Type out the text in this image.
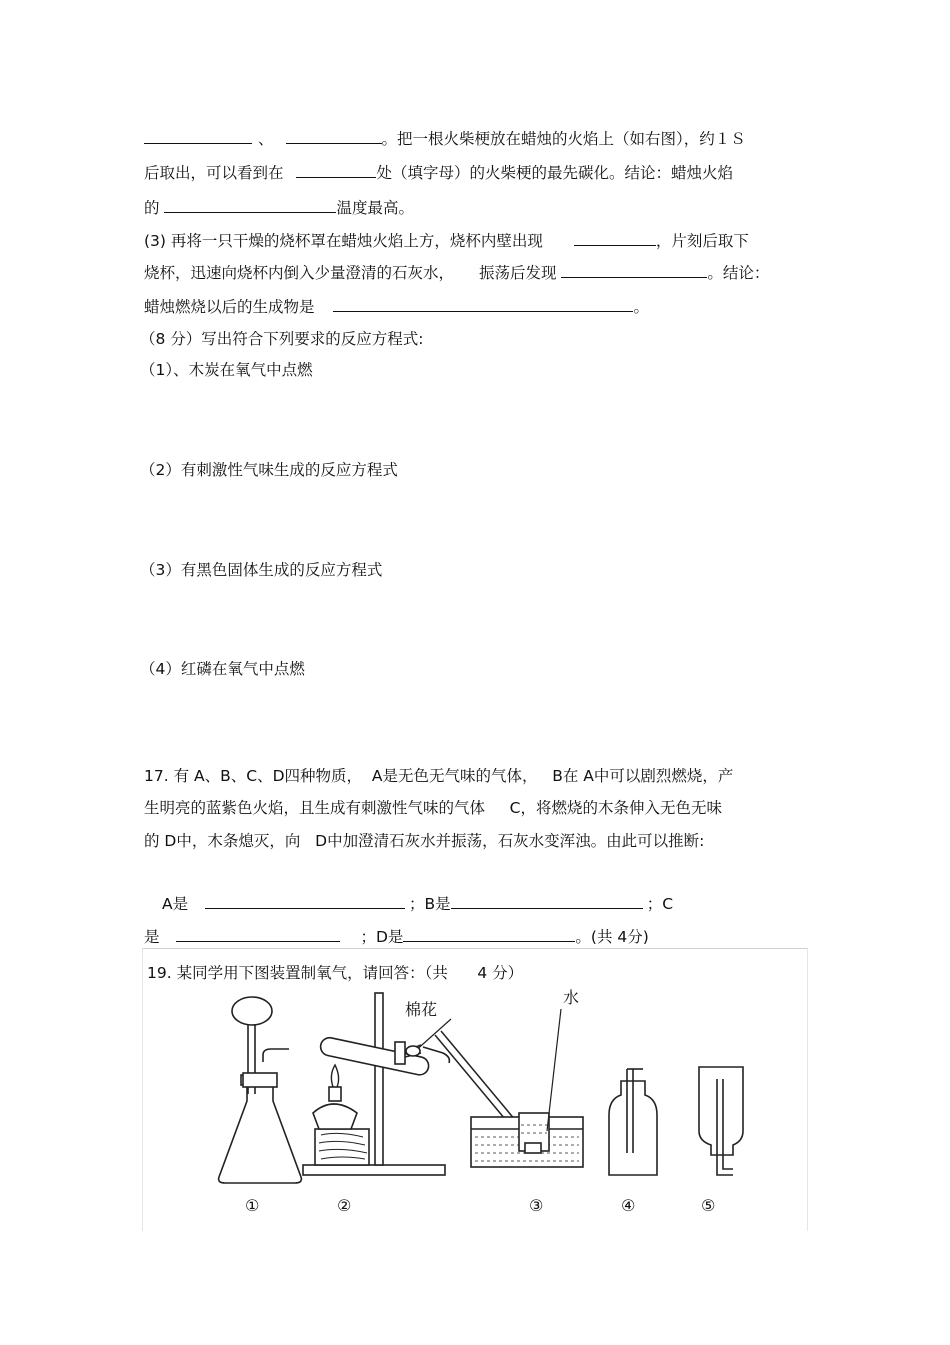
、	。把一根火柴梗放在蜡烛的火焰上（如右图），约１Ｓ
后取出，可以看到在	处（填字母）的火柴梗的最先碳化。结论：蜡烛火焰
的	温度最高。
(3) 再将一只干燥的烧杯罩在蜡烛火焰上方，烧杯内壁出现	，片刻后取下
烧杯，迅速向烧杯内倒入少量澄清的石灰水， 振荡后发现	。结论：
蜡烛燃烧以后的生成物是	。
（8 分）写出符合下列要求的反应方程式:
（1）、木炭在氧气中点燃
（2）有刺激性气味生成的反应方程式
（3）有黑色固体生成的反应方程式
（4）红磷在氧气中点燃
17. 有 A、B、C、D四种物质，  A是无色无气味的气体，   B在 A中可以剧烈燃烧，产
生明亮的蓝紫色火焰，且生成有刺激性气味的气体     C，将燃烧的木条伸入无色无味
的 D中，木条熄灭，向   D中加澄清石灰水并振荡，石灰水变浑浊。由此可以推断:
A是	；B是	；C
是	；D是	。(共 4分)
19. 某同学用下图装置制氧气，请回答：（共      4 分）
棉花
水
①	②	③	④	⑤
